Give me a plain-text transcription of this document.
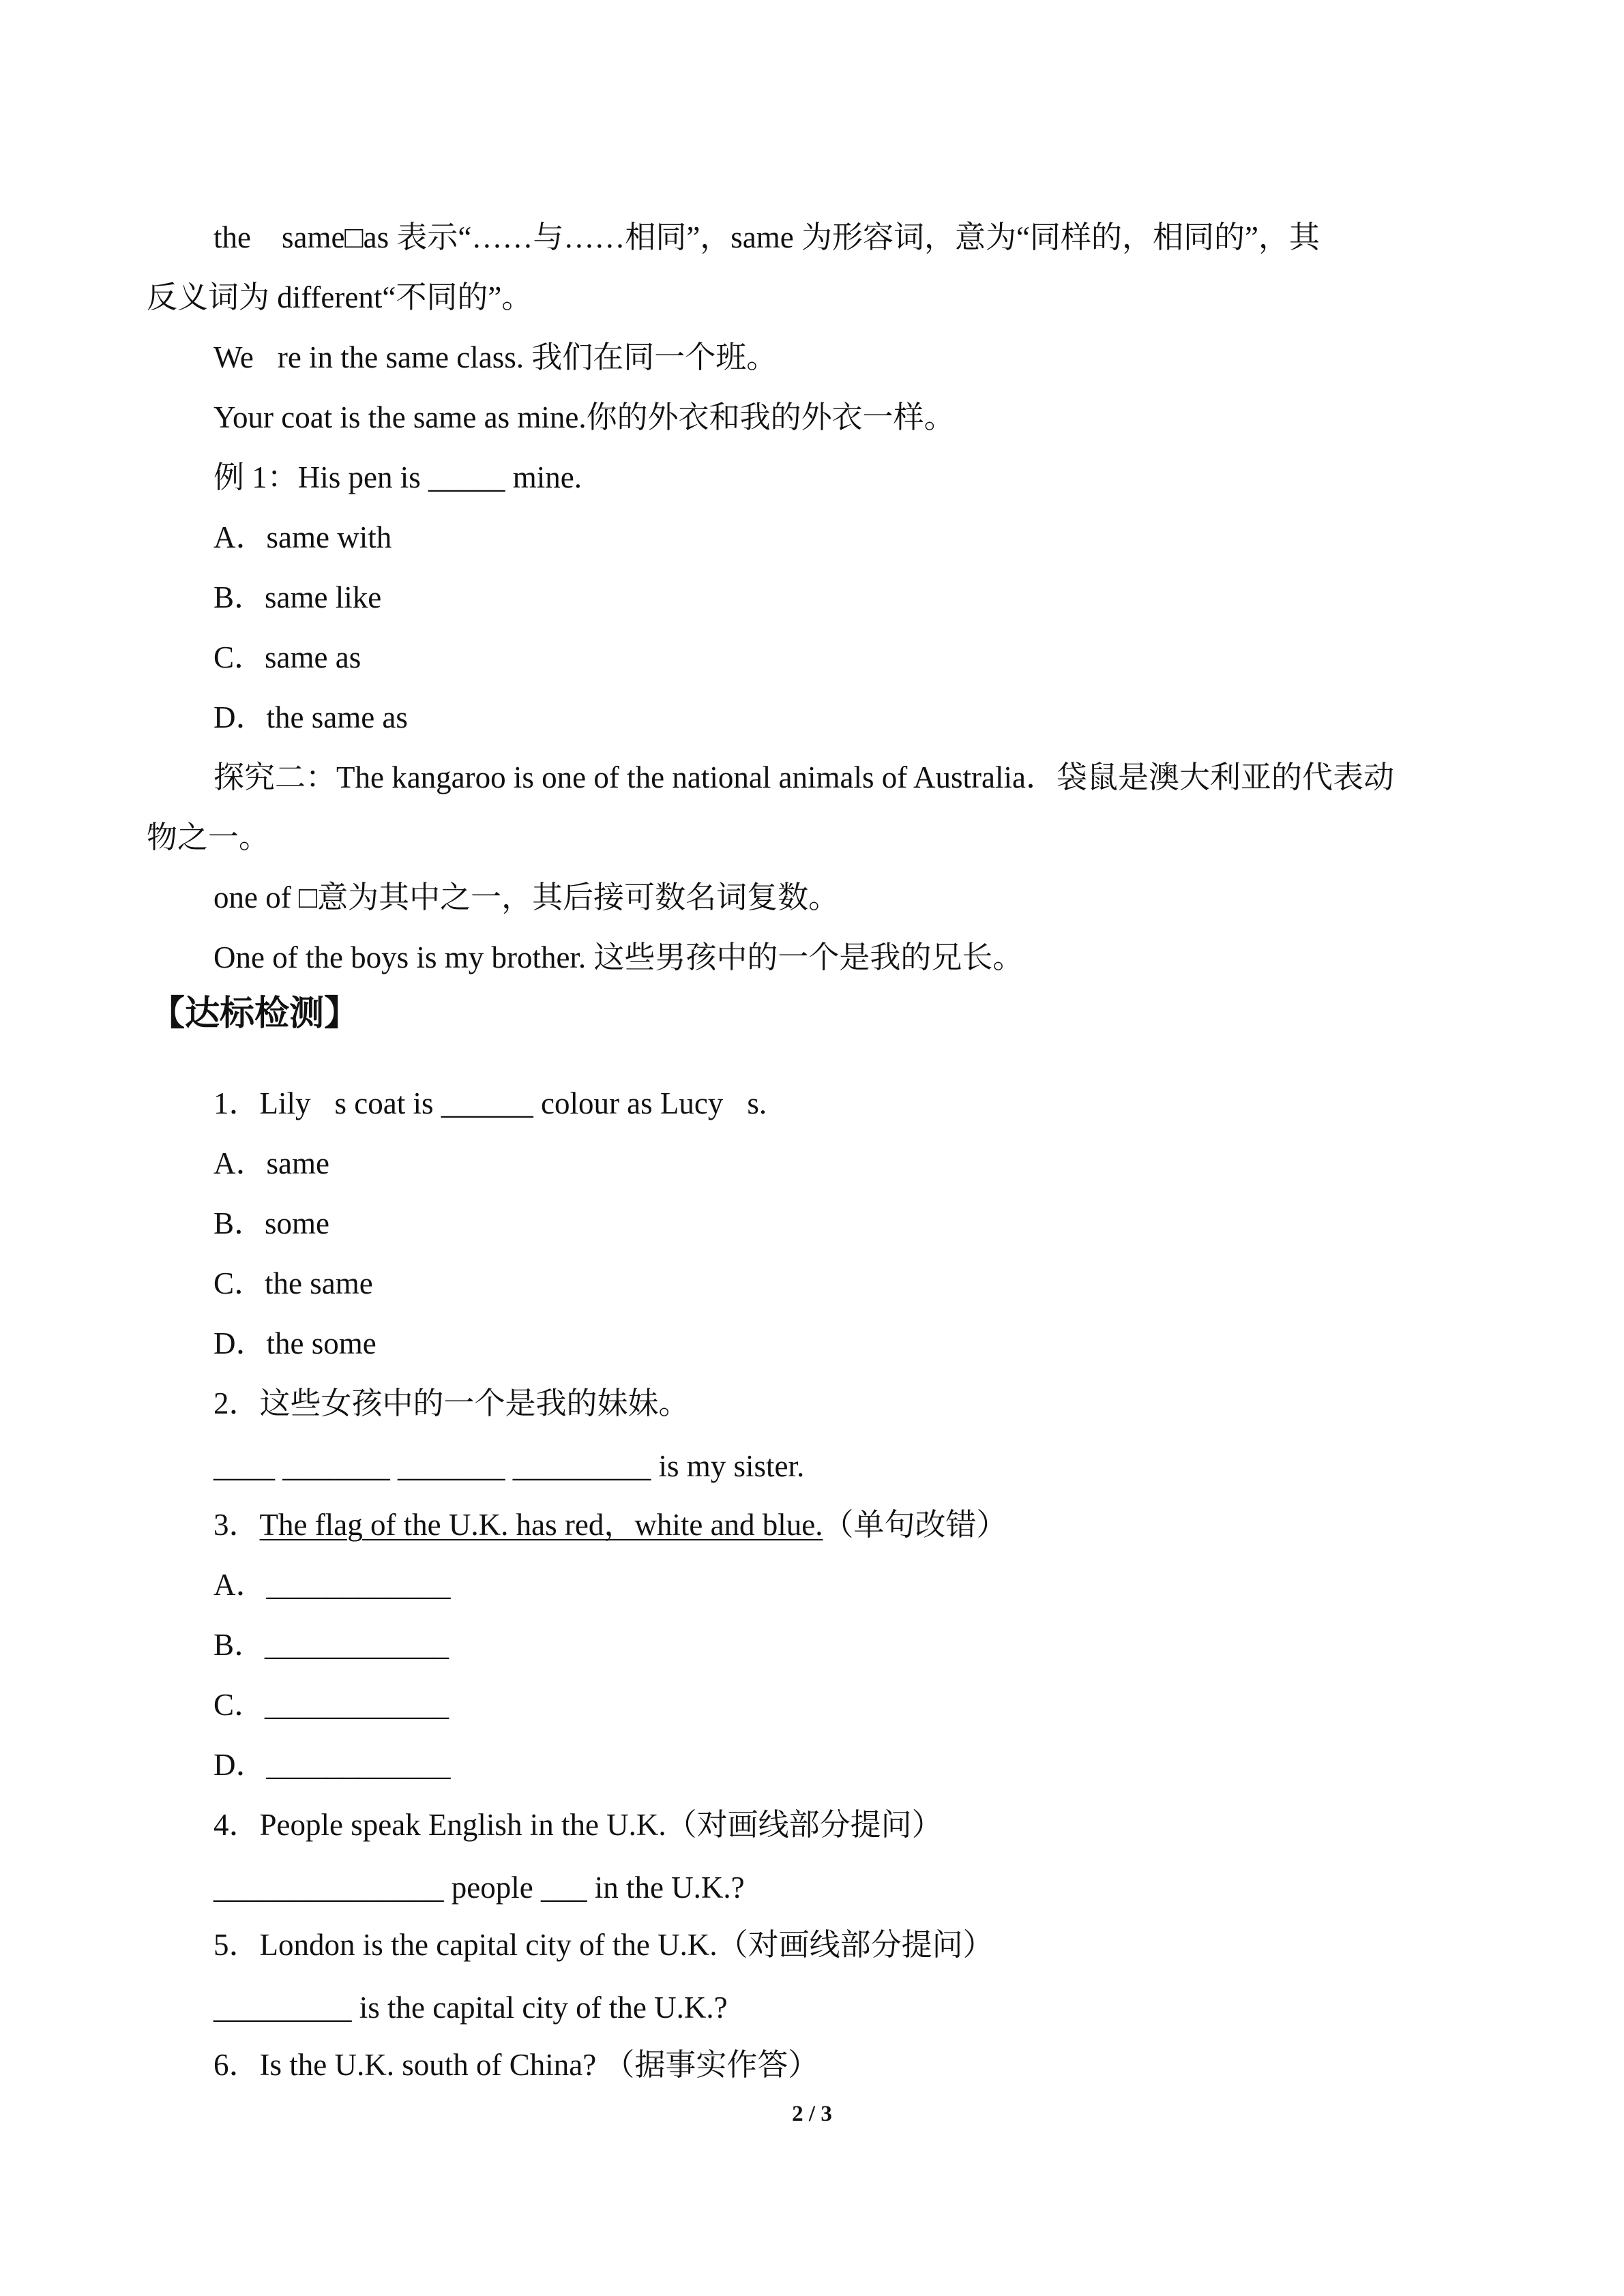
the　same□as 表示“……与……相同”，same 为形容词，意为“同样的，相同的”，其

反义词为 different“不同的”。

We re in the same class. 我们在同一个班。

Your coat is the same as mine.你的外衣和我的外衣一样。

例 1：His pen is _____ mine.

A．same with

B．same like

C．same as

D．the same as

探究二：The kangaroo is one of the national animals of Australia．袋鼠是澳大利亚的代表动

物之一。

one of □意为其中之一，其后接可数名词复数。

One of the boys is my brother. 这些男孩中的一个是我的兄长。

【达标检测】

1．Lily s coat is ______ colour as Lucy s.

A．same

B．some

C．the same

D．the some

2．这些女孩中的一个是我的妹妹。

____ _______ _______ _________ is my sister.

3．The flag of the U.K. has red，white and blue.（单句改错）

A．____________

B．____________

C．____________

D．____________

4．People speak English in the U.K.（对画线部分提问）

_______________ people ___ in the U.K.?

5．London is the capital city of the U.K.（对画线部分提问）

_________ is the capital city of the U.K.?

6．Is the U.K. south of China? （据事实作答）

2 / 3
